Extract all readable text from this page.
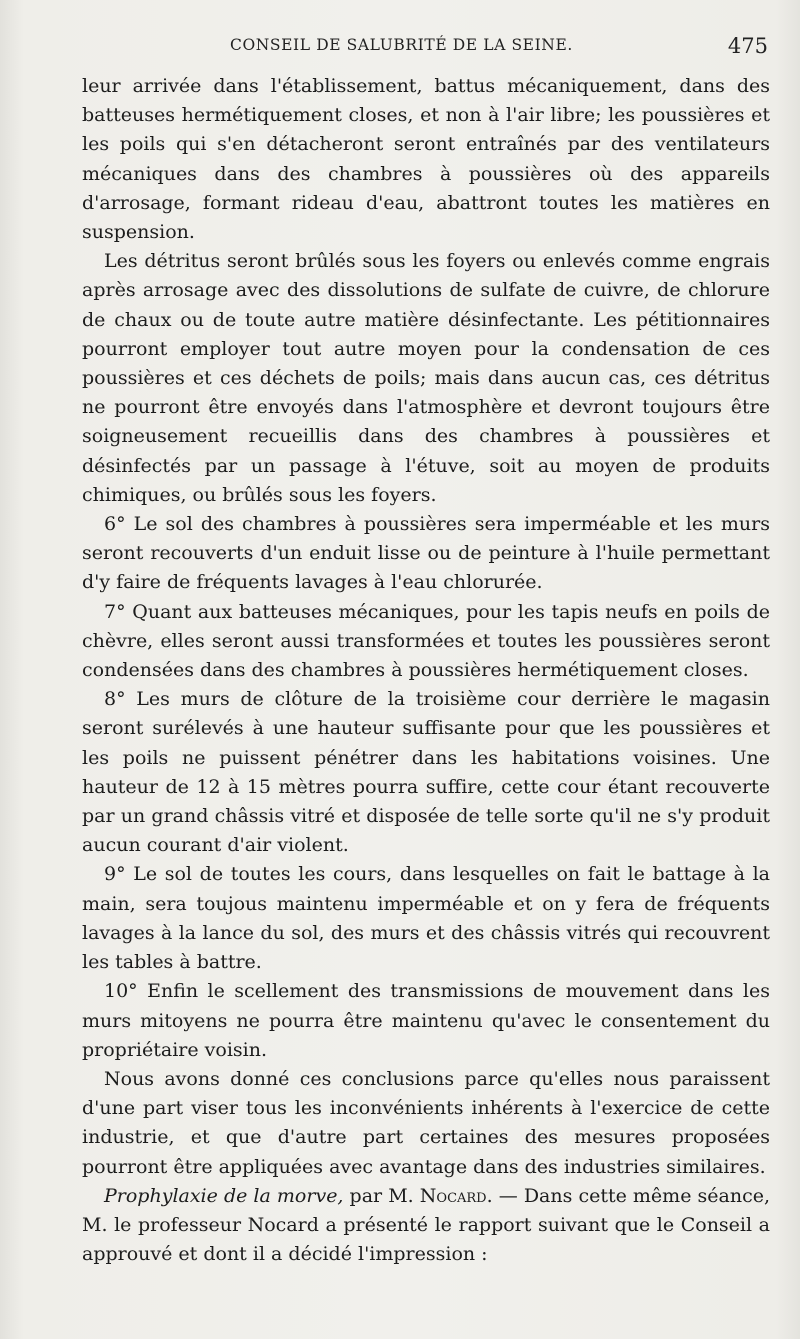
CONSEIL DE SALUBRITÉ DE LA SEINE.	475

leur arrivée dans l'établissement, battus mécaniquement, dans des batteuses hermétiquement closes, et non à l'air libre; les poussières et les poils qui s'en détacheront seront entraînés par des ventilateurs mécaniques dans des chambres à poussières où des appareils d'arrosage, formant rideau d'eau, abattront toutes les matières en suspension.

Les détritus seront brûlés sous les foyers ou enlevés comme engrais après arrosage avec des dissolutions de sulfate de cuivre, de chlorure de chaux ou de toute autre matière désinfectante. Les pétitionnaires pourront employer tout autre moyen pour la condensation de ces poussières et ces déchets de poils; mais dans aucun cas, ces détritus ne pourront être envoyés dans l'atmosphère et devront toujours être soigneusement recueillis dans des chambres à poussières et désinfectés par un passage à l'étuve, soit au moyen de produits chimiques, ou brûlés sous les foyers.

6° Le sol des chambres à poussières sera imperméable et les murs seront recouverts d'un enduit lisse ou de peinture à l'huile permettant d'y faire de fréquents lavages à l'eau chlorurée.

7° Quant aux batteuses mécaniques, pour les tapis neufs en poils de chèvre, elles seront aussi transformées et toutes les poussières seront condensées dans des chambres à poussières hermétiquement closes.

8° Les murs de clôture de la troisième cour derrière le magasin seront surélevés à une hauteur suffisante pour que les poussières et les poils ne puissent pénétrer dans les habitations voisines. Une hauteur de 12 à 15 mètres pourra suffire, cette cour étant recouverte par un grand châssis vitré et disposée de telle sorte qu'il ne s'y produit aucun courant d'air violent.

9° Le sol de toutes les cours, dans lesquelles on fait le battage à la main, sera toujous maintenu imperméable et on y fera de fréquents lavages à la lance du sol, des murs et des châssis vitrés qui recouvrent les tables à battre.

10° Enfin le scellement des transmissions de mouvement dans les murs mitoyens ne pourra être maintenu qu'avec le consentement du propriétaire voisin.

Nous avons donné ces conclusions parce qu'elles nous paraissent d'une part viser tous les inconvénients inhérents à l'exercice de cette industrie, et que d'autre part certaines des mesures proposées pourront être appliquées avec avantage dans des industries similaires.

Prophylaxie de la morve, par M. Nocard. — Dans cette même séance, M. le professeur Nocard a présenté le rapport suivant que le Conseil a approuvé et dont il a décidé l'impression :
